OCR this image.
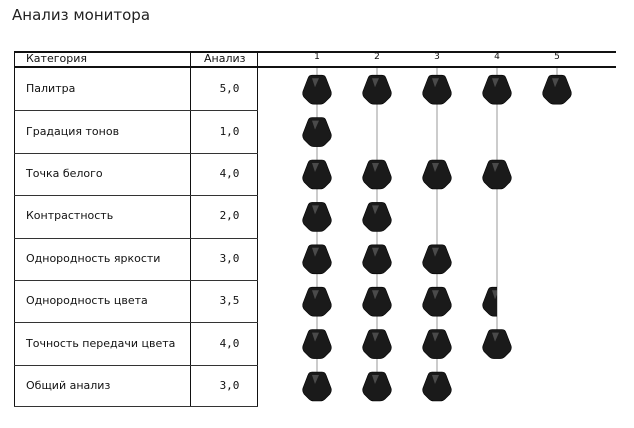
Анализ монитора
Категория	Анализ
Палитра	5,0
Градация тонов	1,0
Точка белого	4,0
Контрастность	2,0
Однородность яркости	3,0
Однородность цвета	3,5
Точность передачи цвета	4,0
Общий анализ	3,0
1	2	3	4	5
